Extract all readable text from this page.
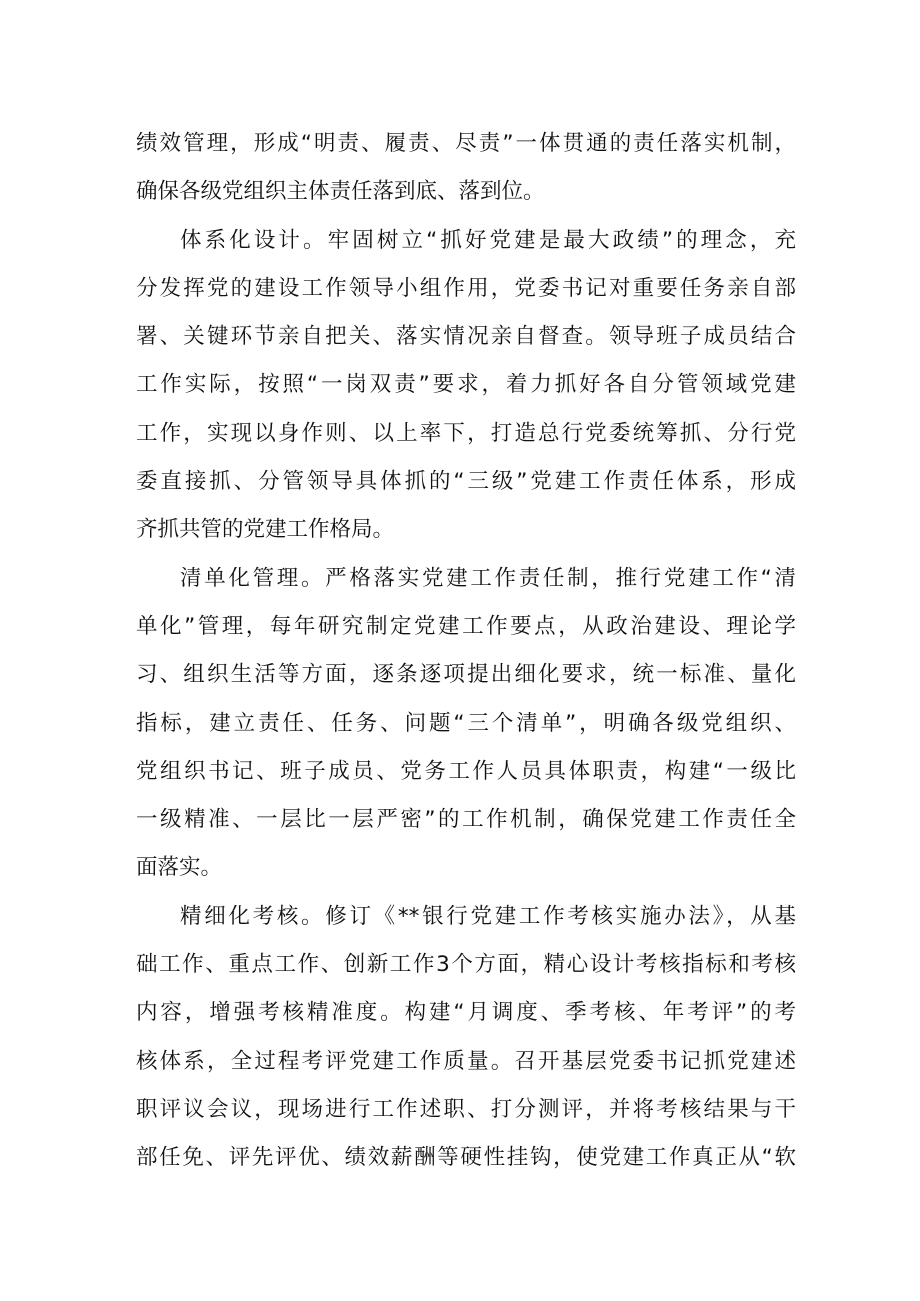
绩效管理，形成“明责、履责、尽责”一体贯通的责任落实机制，
确保各级党组织主体责任落到底、落到位。
体系化设计。牢固树立“抓好党建是最大政绩”的理念，充
分发挥党的建设工作领导小组作用，党委书记对重要任务亲自部
署、关键环节亲自把关、落实情况亲自督查。领导班子成员结合
工作实际，按照“一岗双责”要求，着力抓好各自分管领域党建
工作，实现以身作则、以上率下，打造总行党委统筹抓、分行党
委直接抓、分管领导具体抓的“三级”党建工作责任体系，形成
齐抓共管的党建工作格局。
清单化管理。严格落实党建工作责任制，推行党建工作“清
单化”管理，每年研究制定党建工作要点，从政治建设、理论学
习、组织生活等方面，逐条逐项提出细化要求，统一标准、量化
指标，建立责任、任务、问题“三个清单”，明确各级党组织、
党组织书记、班子成员、党务工作人员具体职责，构建“一级比
一级精准、一层比一层严密”的工作机制，确保党建工作责任全
面落实。
精细化考核。修订《**银行党建工作考核实施办法》，从基
础工作、重点工作、创新工作3个方面，精心设计考核指标和考核
内容，增强考核精准度。构建“月调度、季考核、年考评”的考
核体系，全过程考评党建工作质量。召开基层党委书记抓党建述
职评议会议，现场进行工作述职、打分测评，并将考核结果与干
部任免、评先评优、绩效薪酬等硬性挂钩，使党建工作真正从“软
